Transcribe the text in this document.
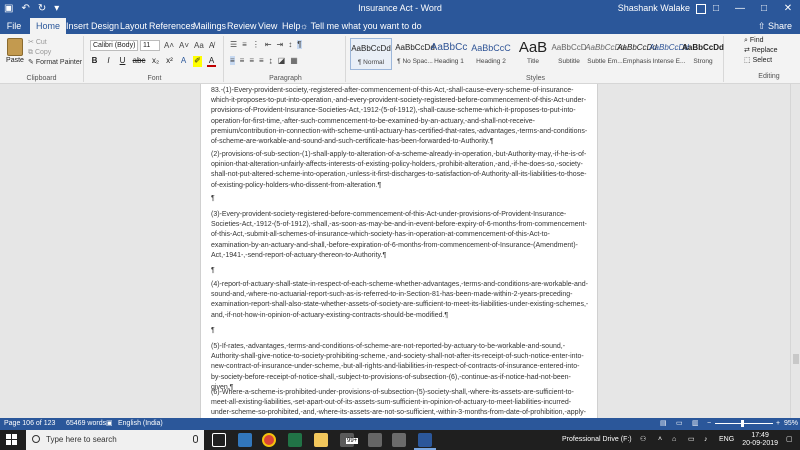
▣ ↶ ↻ ▾	Insurance Act - Word	Shashank Walake	□	—	□	✕
File	Home Insert Design Layout References
Mailings Review View Help ☼ Tell me what you want to do	⇧ Share
Paste
✂ Cut
⧉ Copy
✎ Format Painter
Clipboard
Calibri (Body)	11	A˄ A˅ Aa A̸
B	I	U abc x₂ x² A ✐ A
Font
☰ ≡ ⋮ ⇤ ⇥ ↕ ¶
≡ ≡ ≡ ≡ ↨ ◪ ▦
Paragraph
AaBbCcDd
¶ Normal
AaBbCcDd
¶ No Spac...
AaBbCc
Heading 1
AaBbCcC
Heading 2
AaB
Title
AaBbCcD
Subtitle
AaBbCcDd
Subtle Em...
AaBbCcDd
Emphasis
AaBbCcDd
Intense E...
AaBbCcDd
Strong
Styles
⌕ Find
⇄ Replace
⬚ Select
Editing

83.-(1)-Every-provident-society,-registered-after-commencement-of-this-Act,-shall-cause-every-scheme-of-insurance-which-it-proposes-to-put-into-operation,-and-every-provident-society-registered-before-commencement-of-this-Act-under-provisions-of-Provident-Insurance-Societies-Act,-1912-(5-of-1912),-shall-cause-scheme-which-it-proposes-to-put-into-operation-for-first-time,-after-such-commencement-to-be-examined-by-an-actuary,-and-shall-not-receive-premium/contribution-in-connection-with-scheme-until-actuary-has-certified-that-rates,-advantages,-terms-and-conditions-of-scheme-are-workable-and-sound-and-such-certificate-has-been-forwarded-to-Authority.¶

(2)-provisions-of-sub-section-(1)-shall-apply-to-alteration-of-a-scheme-already-in-operation,-but-Authority-may,-if-he-is-of-opinion-that-alteration-unfairly-affects-interests-of-existing-policy-holders,-prohibit-alteration,-and,-if-he-does-so,-society-shall-not-put-altered-scheme-into-operation,-unless-it-first-discharges-to-satisfaction-of-Authority-all-its-liabilities-to-those-of-existing-policy-holders-who-dissent-from-alteration.¶

¶

(3)-Every-provident-society-registered-before-commencement-of-this-Act-under-provisions-of-Provident-Insurance-Societies-Act,-1912-(5-of-1912),-shall,-as-soon-as-may-be-and-in-event-before-expiry-of-6-months-from-commencement-of-this-Act,-submit-all-schemes-of-insurance-which-society-has-in-operation-at-commencement-of-this-Act-to-examination-by-an-actuary-and-shall,-before-expiration-of-6-months-from-commencement-of-Insurance-(Amendment)-Act,-1941-,-send-report-of-actuary-thereon-to-Authority.¶

¶

(4)-report-of-actuary-shall-state-in-respect-of-each-scheme-whether-advantages,-terms-and-conditions-are-workable-and-sound-and,-where-no-actuarial-report-such-as-is-referred-to-in-Section-81-has-been-made-within-2-years-preceding-examination-report-shall-also-state-whether-assets-of-society-are-sufficient-to-meet-its-liabilities-under-existing-schemes,-and,-if-not-how-in-opinion-of-actuary-existing-contracts-should-be-modified.¶

¶

(5)-If-rates,-advantages,-terms-and-conditions-of-scheme-are-not-reported-by-actuary-to-be-workable-and-sound,-Authority-shall-give-notice-to-society-prohibiting-scheme,-and-society-shall-not-after-its-receipt-of-such-notice-enter-into-new-contract-of-insurance-under-scheme,-but-all-rights-and-liabilities-in-respect-of-contracts-of-insurance-entered-into-by-society-before-receipt-of-notice-shall,-subject-to-provisions-of-subsection-(6),-continue-as-if-notice-had-not-been-given.¶

(6)-Where-a-scheme-is-prohibited-under-provisions-of-subsection-(5)-society-shall,-where-its-assets-are-sufficient-to-meet-all-existing-liabilities,-set-apart-out-of-its-assets-sum-sufficient-in-opinion-of-actuary-to-meet-liabilities-incurred-under-scheme-so-prohibited,-and,-where-its-assets-are-not-so-sufficient,-within-3-months-from-date-of-prohibition,-apply-

Page 106 of 123 65469 words ▣ English (India)	▤ ▭ ▥ −	+ 95%
Type here to search	99+	Professional Drive (F:) ⚇ ˄ ⌂ ▭ ♪ ENG
17:49
20-09-2019
▢
